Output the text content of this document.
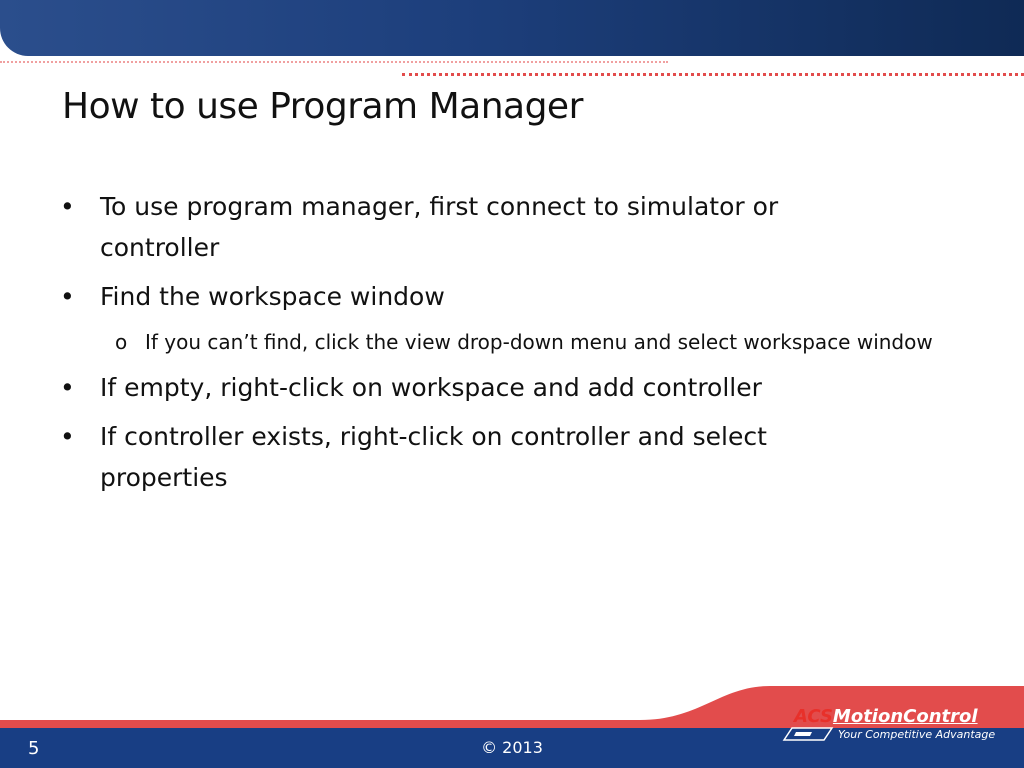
How to use Program Manager

• To use program manager, first connect to simulator or controller

• Find the workspace window

o If you can’t find, click the view drop-down menu and select workspace window

• If empty, right-click on workspace and add controller

• If controller exists, right-click on controller and select properties

5	© 2013
ACSMotionControl
Your Competitive Advantage
